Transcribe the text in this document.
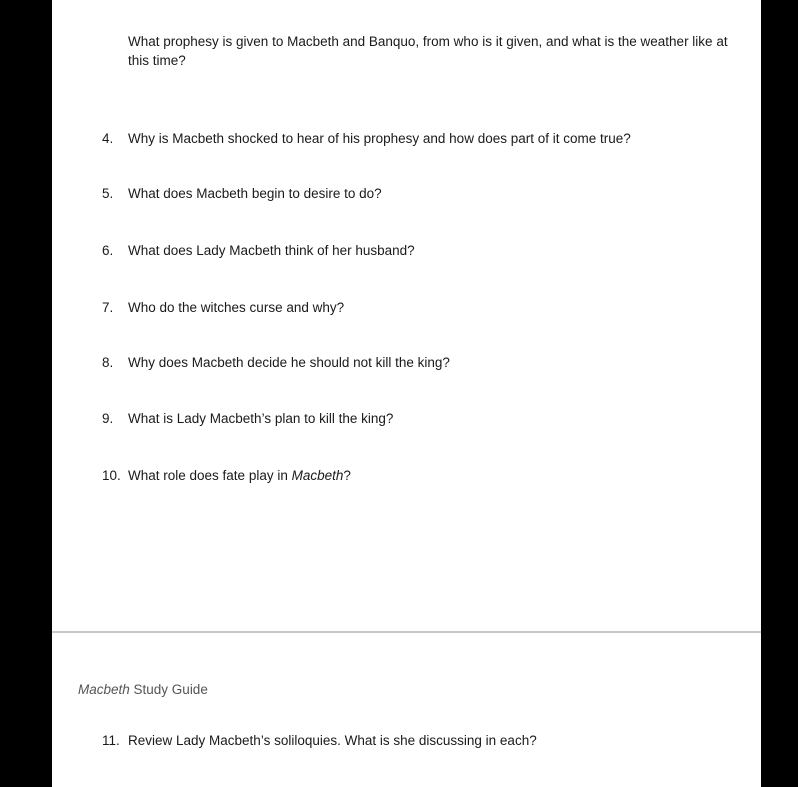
What prophesy is given to Macbeth and Banquo, from who is it given, and what is the weather like at this time?
4. Why is Macbeth shocked to hear of his prophesy and how does part of it come true?
5. What does Macbeth begin to desire to do?
6. What does Lady Macbeth think of her husband?
7. Who do the witches curse and why?
8. Why does Macbeth decide he should not kill the king?
9. What is Lady Macbeth’s plan to kill the king?
10. What role does fate play in Macbeth?
Macbeth Study Guide
11. Review Lady Macbeth’s soliloquies. What is she discussing in each?
